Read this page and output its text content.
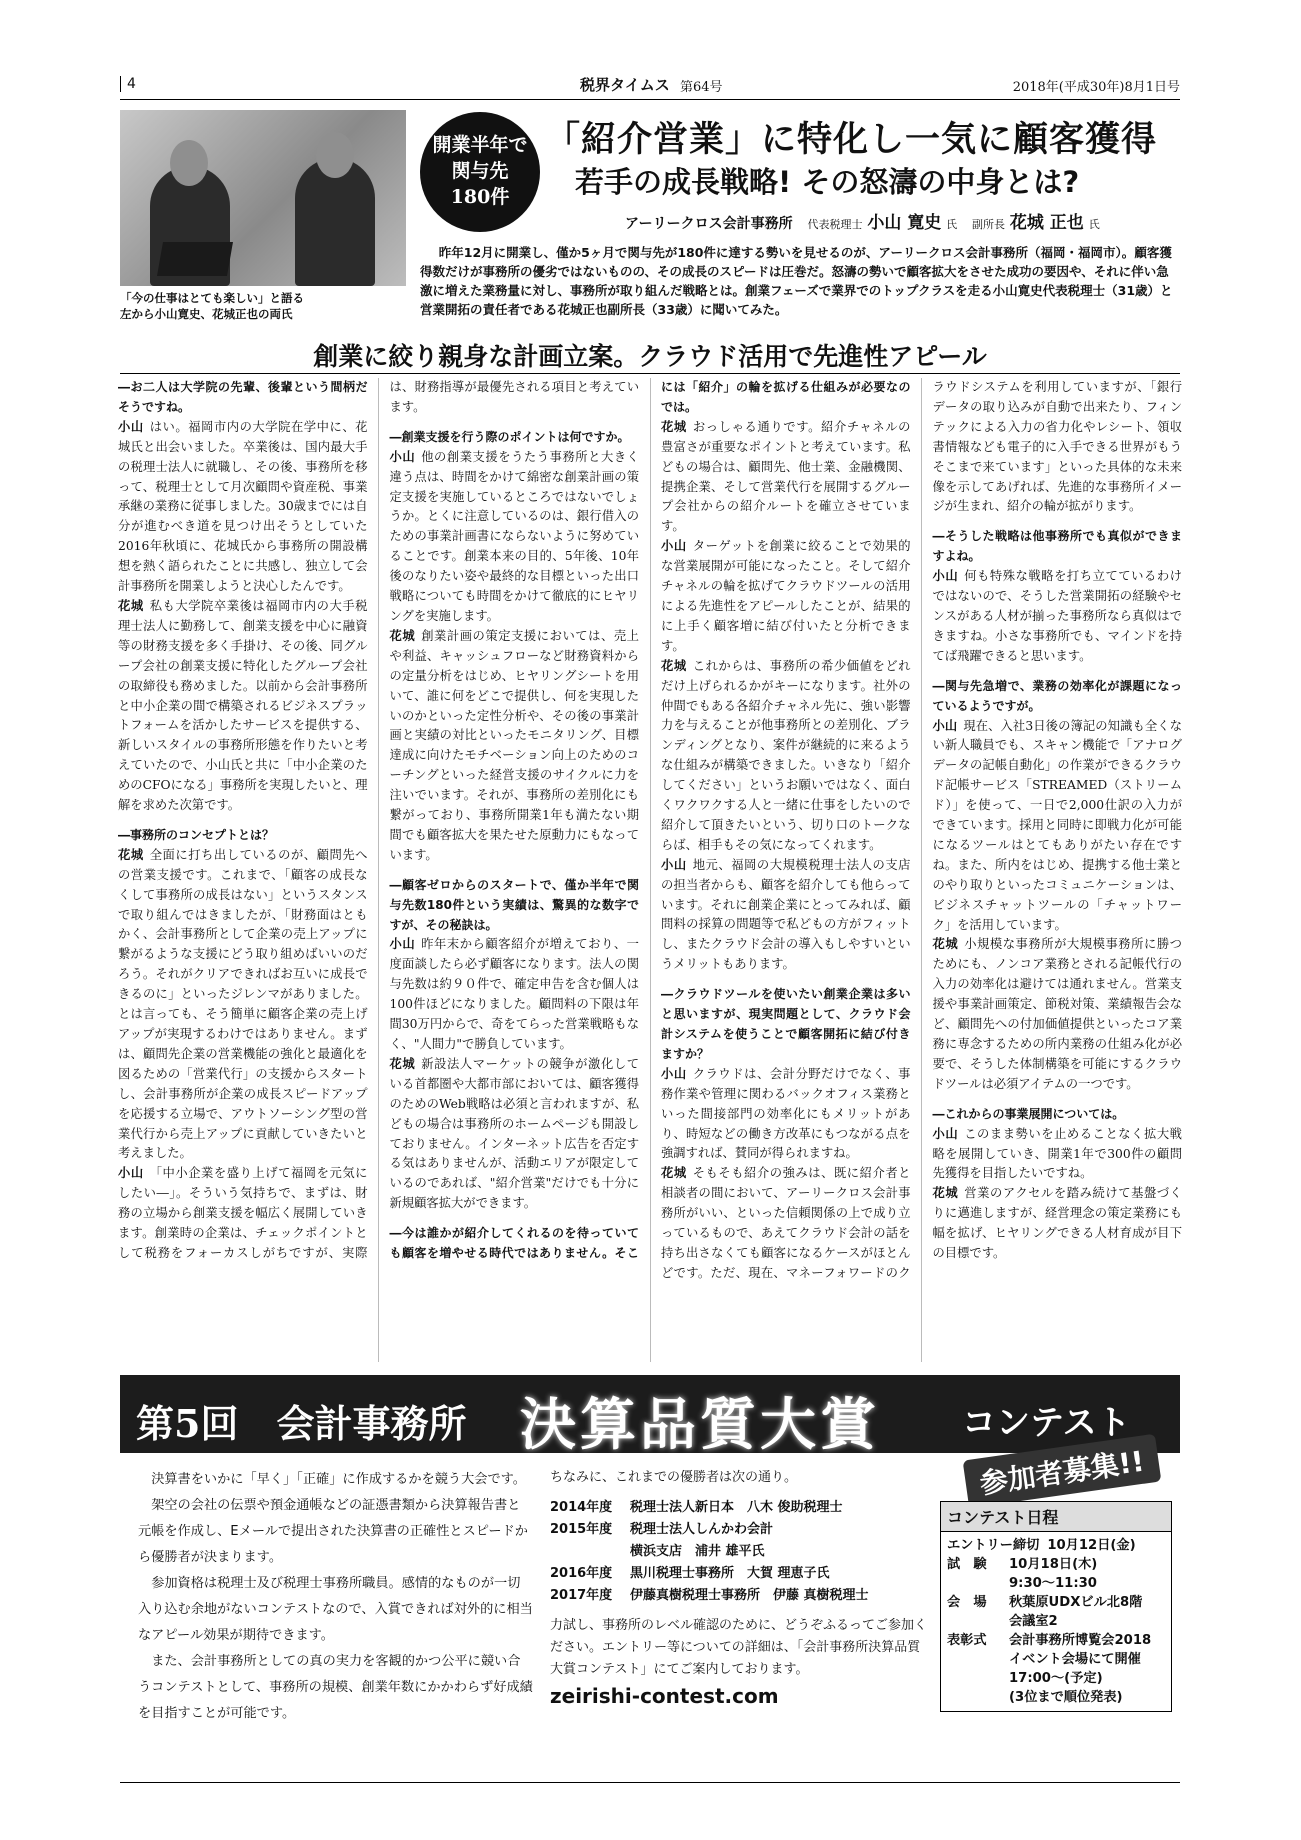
4	税界タイムス 第64号	2018年(平成30年)8月1日号
「今の仕事はとても楽しい」と語る
左から小山寛史、花城正也の両氏
開業半年で
関与先
180件
「紹介営業」に特化し一気に顧客獲得
若手の成長戦略! その怒濤の中身とは?
アーリークロス会計事務所 代表税理士 小山 寛史 氏 副所長 花城 正也 氏
昨年12月に開業し、僅か5ヶ月で関与先が180件に達する勢いを見せるのが、アーリークロス会計事務所（福岡・福岡市）。顧客獲得数だけが事務所の優劣ではないものの、その成長のスピードは圧巻だ。怒濤の勢いで顧客拡大をさせた成功の要因や、それに伴い急激に増えた業務量に対し、事務所が取り組んだ戦略とは。創業フェーズで業界でのトップクラスを走る小山寛史代表税理士（31歳）と営業開拓の責任者である花城正也副所長（33歳）に聞いてみた。
創業に絞り親身な計画立案。クラウド活用で先進性アピール

―お二人は大学院の先輩、後輩という間柄だそうですね。

小山 はい。福岡市内の大学院在学中に、花城氏と出会いました。卒業後は、国内最大手の税理士法人に就職し、その後、事務所を移って、税理士として月次顧問や資産税、事業承継の業務に従事しました。30歳までには自分が進むべき道を見つけ出そうとしていた2016年秋頃に、花城氏から事務所の開設構想を熱く語られたことに共感し、独立して会計事務所を開業しようと決心したんです。

花城 私も大学院卒業後は福岡市内の大手税理士法人に勤務して、創業支援を中心に融資等の財務支援を多く手掛け、その後、同グループ会社の創業支援に特化したグループ会社の取締役も務めました。以前から会計事務所と中小企業の間で構築されるビジネスプラットフォームを活かしたサービスを提供する、新しいスタイルの事務所形態を作りたいと考えていたので、小山氏と共に「中小企業のためのCFOになる」事務所を実現したいと、理解を求めた次第です。

―事務所のコンセプトとは？

花城 全面に打ち出しているのが、顧問先への営業支援です。これまで、「顧客の成長なくして事務所の成長はない」というスタンスで取り組んではきましたが、「財務面はともかく、会計事務所として企業の売上アップに繋がるような支援にどう取り組めばいいのだろう。それがクリアできればお互いに成長できるのに」といったジレンマがありました。とは言っても、そう簡単に顧客企業の売上げアップが実現するわけではありません。まずは、顧問先企業の営業機能の強化と最適化を図るための「営業代行」の支援からスタートし、会計事務所が企業の成長スピードアップを応援する立場で、アウトソーシング型の営業代行から売上アップに貢献していきたいと考えました。

小山 「中小企業を盛り上げて福岡を元気にしたい―」。そういう気持ちで、まずは、財務の立場から創業支援を幅広く展開していきます。創業時の企業は、チェックポイントとして税務をフォーカスしがちですが、実際は、財務指導が最優先される項目と考えています。

―創業支援を行う際のポイントは何ですか。

小山 他の創業支援をうたう事務所と大きく違う点は、時間をかけて綿密な創業計画の策定支援を実施しているところではないでしょうか。とくに注意しているのは、銀行借入のための事業計画書にならないように努めていることです。創業本来の目的、5年後、10年後のなりたい姿や最終的な目標といった出口戦略についても時間をかけて徹底的にヒヤリングを実施します。

花城 創業計画の策定支援においては、売上や利益、キャッシュフローなど財務資料からの定量分析をはじめ、ヒヤリングシートを用いて、誰に何をどこで提供し、何を実現したいのかといった定性分析や、その後の事業計画と実績の対比といったモニタリング、目標達成に向けたモチベーション向上のためのコーチングといった経営支援のサイクルに力を注いでいます。それが、事務所の差別化にも繋がっており、事務所開業1年も満たない期間でも顧客拡大を果たせた原動力にもなっています。

―顧客ゼロからのスタートで、僅か半年で関与先数180件という実績は、驚異的な数字ですが、その秘訣は。

小山 昨年末から顧客紹介が増えており、一度面談したら必ず顧客になります。法人の関与先数は約９０件で、確定申告を含む個人は100件ほどになりました。顧問料の下限は年間30万円からで、奇をてらった営業戦略もなく、"人間力"で勝負しています。

花城 新設法人マーケットの競争が激化している首都圏や大都市部においては、顧客獲得のためのWeb戦略は必須と言われますが、私どもの場合は事務所のホームページも開設しておりません。インターネット広告を否定する気はありませんが、活動エリアが限定しているのであれば、"紹介営業"だけでも十分に新規顧客拡大ができます。

―今は誰かが紹介してくれるのを待っていても顧客を増やせる時代ではありません。そこには「紹介」の輪を拡げる仕組みが必要なのでは。

花城 おっしゃる通りです。紹介チャネルの豊富さが重要なポイントと考えています。私どもの場合は、顧問先、他士業、金融機関、提携企業、そして営業代行を展開するグループ会社からの紹介ルートを確立させています。

小山 ターゲットを創業に絞ることで効果的な営業展開が可能になったこと。そして紹介チャネルの輪を拡げてクラウドツールの活用による先進性をアピールしたことが、結果的に上手く顧客増に結び付いたと分析できます。

花城 これからは、事務所の希少価値をどれだけ上げられるかがキーになります。社外の仲間でもある各紹介チャネル先に、強い影響力を与えることが他事務所との差別化、ブランディングとなり、案件が継続的に来るような仕組みが構築できました。いきなり「紹介してください」というお願いではなく、面白くワクワクする人と一緒に仕事をしたいので紹介して頂きたいという、切り口のトークならば、相手もその気になってくれます。

小山 地元、福岡の大規模税理士法人の支店の担当者からも、顧客を紹介しても他らっています。それに創業企業にとってみれば、顧問料の採算の問題等で私どもの方がフィットし、またクラウド会計の導入もしやすいというメリットもあります。

―クラウドツールを使いたい創業企業は多いと思いますが、現実問題として、クラウド会計システムを使うことで顧客開拓に結び付きますか？

小山 クラウドは、会計分野だけでなく、事務作業や管理に関わるバックオフィス業務といった間接部門の効率化にもメリットがあり、時短などの働き方改革にもつながる点を強調すれば、賛同が得られますね。

花城 そもそも紹介の強みは、既に紹介者と相談者の間において、アーリークロス会計事務所がいい、といった信頼関係の上で成り立っているもので、あえてクラウド会計の話を持ち出さなくても顧客になるケースがほとんどです。ただ、現在、マネーフォワードのクラウドシステムを利用していますが、「銀行データの取り込みが自動で出来たり、フィンテックによる入力の省力化やレシート、領収書情報なども電子的に入手できる世界がもうそこまで来ています」といった具体的な未来像を示してあげれば、先進的な事務所イメージが生まれ、紹介の輪が拡がります。

―そうした戦略は他事務所でも真似ができますよね。

小山 何も特殊な戦略を打ち立てているわけではないので、そうした営業開拓の経験やセンスがある人材が揃った事務所なら真似はできますね。小さな事務所でも、マインドを持てば飛躍できると思います。

―関与先急増で、業務の効率化が課題になっているようですが。

小山 現在、入社3日後の簿記の知識も全くない新人職員でも、スキャン機能で「アナログデータの記帳自動化」の作業ができるクラウド記帳サービス「STREAMED（ストリームド）」を使って、一日で2,000仕訳の入力ができています。採用と同時に即戦力化が可能になるツールはとてもありがたい存在ですね。また、所内をはじめ、提携する他士業とのやり取りといったコミュニケーションは、ビジネスチャットツールの「チャットワーク」を活用しています。

花城 小規模な事務所が大規模事務所に勝つためにも、ノンコア業務とされる記帳代行の入力の効率化は避けては通れません。営業支援や事業計画策定、節税対策、業績報告会など、顧問先への付加価値提供といったコア業務に専念するための所内業務の仕組み化が必要で、そうした体制構築を可能にするクラウドツールは必須アイテムの一つです。

―これからの事業展開については。

小山 このまま勢いを止めることなく拡大戦略を展開していき、開業1年で300件の顧問先獲得を目指したいですね。

花城 営業のアクセルを踏み続けて基盤づくりに邁進しますが、経営理念の策定業務にも幅を拡げ、ヒヤリングできる人材育成が目下の目標です。

第5回　会計事務所 決算品質大賞 コンテスト
参加者募集!!

決算書をいかに「早く」「正確」に作成するかを競う大会です。

架空の会社の伝票や預金通帳などの証憑書類から決算報告書と元帳を作成し、Eメールで提出された決算書の正確性とスピードから優勝者が決まります。

参加資格は税理士及び税理士事務所職員。感情的なものが一切入り込む余地がないコンテストなので、入賞できれば対外的に相当なアピール効果が期待できます。

また、会計事務所としての真の実力を客観的かつ公平に競い合うコンテストとして、事務所の規模、創業年数にかかわらず好成績を目指すことが可能です。

ちなみに、これまでの優勝者は次の通り。
2014年度	税理士法人新日本　八木 俊助税理士
2015年度	税理士法人しんかわ会計
横浜支店　浦井 雄平氏
2016年度	黒川税理士事務所　大賀 理恵子氏
2017年度	伊藤真樹税理士事務所　伊藤 真樹税理士
力試し、事務所のレベル確認のために、どうぞふるってご参加ください。エントリー等についての詳細は、「会計事務所決算品質大賞コンテスト」にてご案内しております。
zeirishi-contest.com
コンテスト日程
エントリー締切 10月12日(金)
試　験	10月18日(木)
9:30～11:30
会　場	秋葉原UDXビル北8階
会議室2
表彰式	会計事務所博覧会2018
イベント会場にて開催
17:00～(予定)
(3位まで順位発表)
